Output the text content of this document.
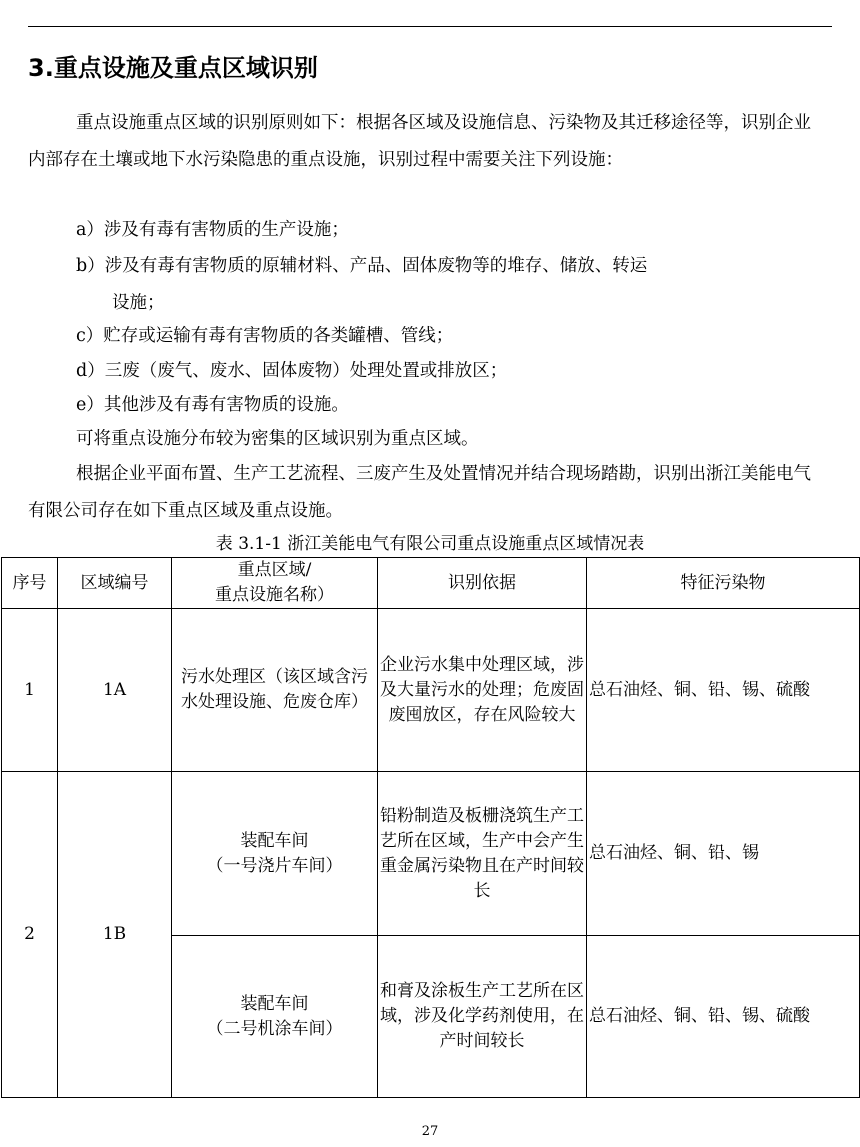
3.重点设施及重点区域识别

重点设施重点区域的识别原则如下：根据各区域及设施信息、污染物及其迁移途径等，识别企业内部存在土壤或地下水污染隐患的重点设施，识别过程中需要关注下列设施：

a）涉及有毒有害物质的生产设施；

b）涉及有毒有害物质的原辅材料、产品、固体废物等的堆存、储放、转运

设施；

c）贮存或运输有毒有害物质的各类罐槽、管线；

d）三废（废气、废水、固体废物）处理处置或排放区；

e）其他涉及有毒有害物质的设施。

可将重点设施分布较为密集的区域识别为重点区域。

根据企业平面布置、生产工艺流程、三废产生及处置情况并结合现场踏勘，识别出浙江美能电气有限公司存在如下重点区域及重点设施。

表 3.1-1 浙江美能电气有限公司重点设施重点区域情况表

序号	区域编号	重点区域/
重点设施名称）	识别依据	特征污染物
1	1A	污水处理区（该区域含污水处理设施、危废仓库）	企业污水集中处理区域，涉及大量污水的处理；危废固废囤放区，存在风险较大	总石油烃、铜、铅、锡、硫酸
2	1B	装配车间
（一号浇片车间）	铅粉制造及板栅浇筑生产工艺所在区域，生产中会产生重金属污染物且在产时间较长	总石油烃、铜、铅、锡
		装配车间
（二号机涂车间）	和膏及涂板生产工艺所在区域，涉及化学药剂使用，在产时间较长	总石油烃、铜、铅、锡、硫酸
27
